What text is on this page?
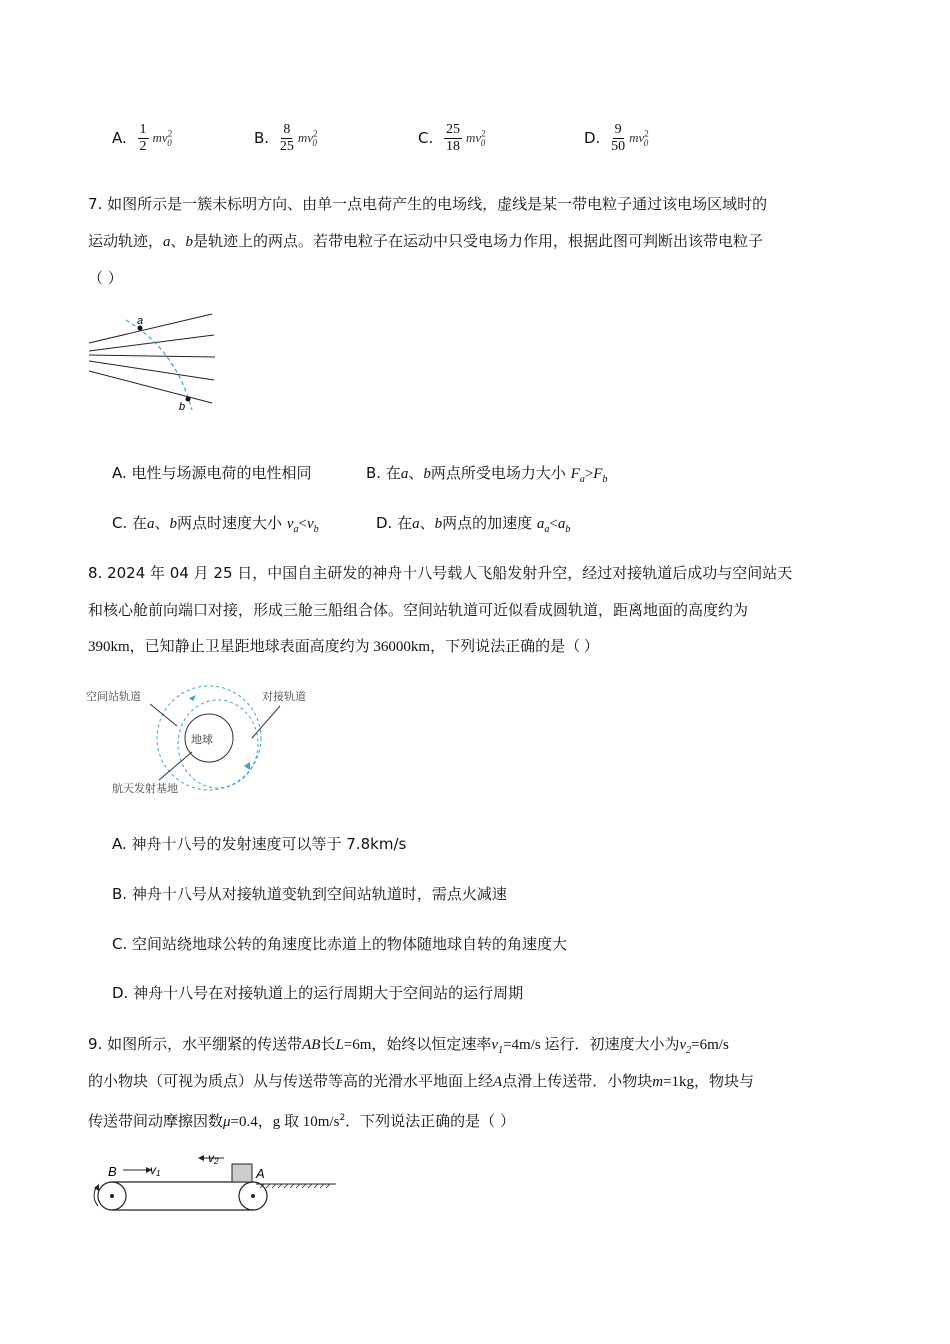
A. $\frac{1}{2} mv^2_0$	B. $\frac{8}{25} mv^2_0$	C. $\frac{25}{18} mv^2_0$	D. $\frac{9}{50} mv^2_0$
7. 如图所示是一簇未标明方向、由单一点电荷产生的电场线，虚线是某一带电粒子通过该电场区域时的
运动轨迹，a、b是轨迹上的两点。若带电粒子在运动中只受电场力作用，根据此图可判断出该带电粒子
（ ）
a
b
A. 电性与场源电荷的电性相同	B. 在a、b两点所受电场力大小 $F_a>F_b$
C. 在a、b两点时速度大小 $v_a<v_b$	D. 在a、b两点的加速度 $a_a<a_b$
8. 2024 年 04 月 25 日，中国自主研发的神舟十八号载人飞船发射升空，经过对接轨道后成功与空间站天
和核心舱前向端口对接，形成三舱三船组合体。空间站轨道可近似看成圆轨道，距离地面的高度约为
390km，已知静止卫星距地球表面高度约为 36000km，下列说法正确的是（ ）
空间站轨道	对接轨道
地球
航天发射基地
A. 神舟十八号的发射速度可以等于 7.8km/s
B. 神舟十八号从对接轨道变轨到空间站轨道时，需点火减速
C. 空间站绕地球公转的角速度比赤道上的物体随地球自转的角速度大
D. 神舟十八号在对接轨道上的运行周期大于空间站的运行周期
9. 如图所示，水平绷紧的传送带AB长L=6m，始终以恒定速率$v_1=4m/s$ 运行．初速度大小为$v_2=6m/s$
的小物块（可视为质点）从与传送带等高的光滑水平地面上经A点滑上传送带．小物块m=1kg，物块与
传送带间动摩擦因数μ=0.4，g 取 $10m/s^2$．下列说法正确的是（ ）
B	A
v1
v2
